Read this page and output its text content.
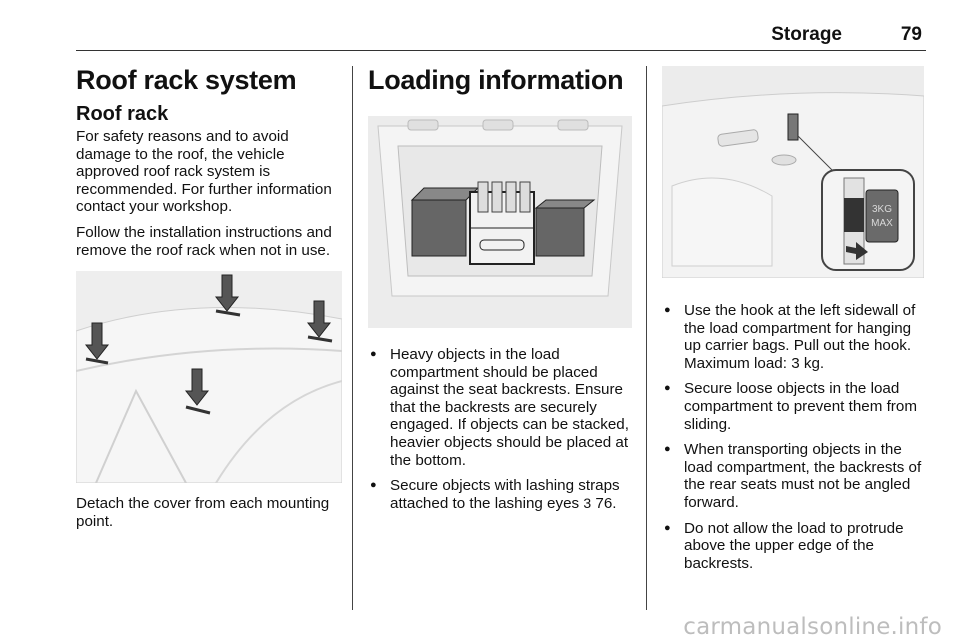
Storage	79
Roof rack system
Roof rack

For safety reasons and to avoid damage to the roof, the vehicle approved roof rack system is recommended. For further information contact your workshop.

Follow the installation instructions and remove the roof rack when not in use.

Detach the cover from each mounting point.

Loading information
● Heavy objects in the load compartment should be placed against the seat backrests. Ensure that the backrests are securely engaged. If objects can be stacked, heavier objects should be placed at the bottom.
● Secure objects with lashing straps attached to the lashing eyes 3 76.
3KG
MAX
● Use the hook at the left sidewall of the load compartment for hanging up carrier bags. Pull out the hook. Maximum load: 3 kg.
● Secure loose objects in the load compartment to prevent them from sliding.
● When transporting objects in the load compartment, the backrests of the rear seats must not be angled forward.
● Do not allow the load to protrude above the upper edge of the backrests.
carmanualsonline.info
